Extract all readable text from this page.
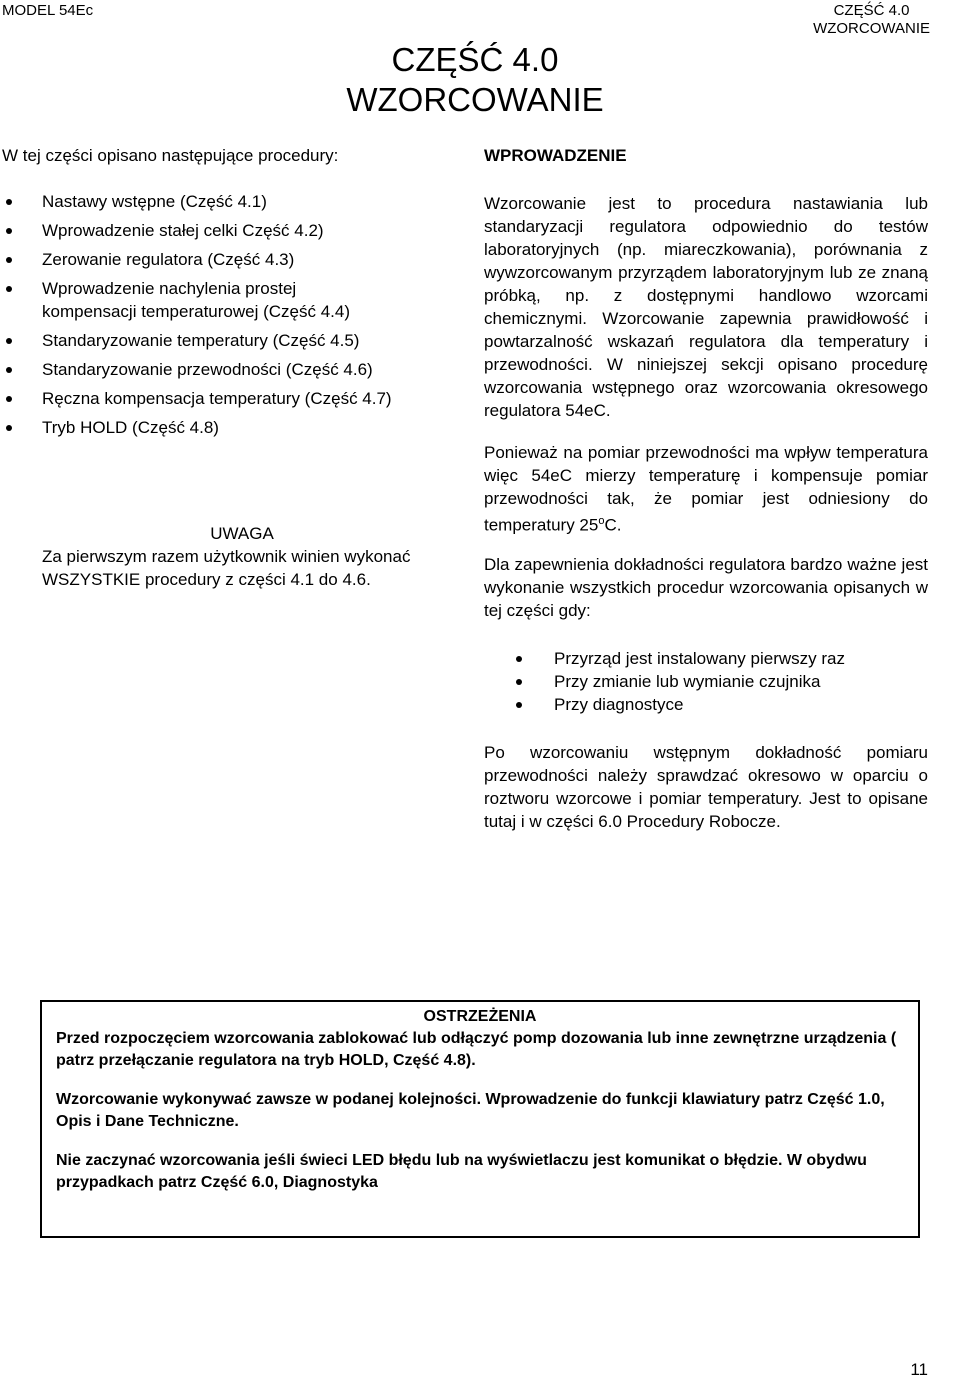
MODEL 54Ec	CZĘŚĆ 4.0
WZORCOWANIE
CZĘŚĆ 4.0
WZORCOWANIE
W tej części opisano następujące procedury:
Nastawy wstępne (Część 4.1)
Wprowadzenie stałej celki Część 4.2)
Zerowanie regulatora (Część 4.3)
Wprowadzenie nachylenia prostej kompensacji temperaturowej (Część 4.4)
Standaryzowanie temperatury (Część 4.5)
Standaryzowanie przewodności (Część 4.6)
Ręczna kompensacja temperatury (Część 4.7)
Tryb HOLD (Część 4.8)
UWAGA
Za pierwszym razem użytkownik winien wykonać WSZYSTKIE procedury z części 4.1 do 4.6.
WPROWADZENIE
Wzorcowanie jest to procedura nastawiania lub standaryzacji regulatora odpowiednio do testów laboratoryjnych (np. miareczkowania), porównania z wywzorcowanym przyrządem laboratoryjnym lub ze znaną próbką, np. z dostępnymi handlowo wzorcami chemicznymi. Wzorcowanie zapewnia prawidłowość i powtarzalność wskazań regulatora dla temperatury i przewodności. W niniejszej sekcji opisano procedurę wzorcowania wstępnego oraz wzorcowania okresowego regulatora 54eC.
Ponieważ na pomiar przewodności ma wpływ temperatura więc 54eC mierzy temperaturę i kompensuje pomiar przewodności tak, że pomiar jest odniesiony do temperatury 25$^o$C.
Dla zapewnienia dokładności regulatora bardzo ważne jest wykonanie wszystkich procedur wzorcowania opisanych w tej części gdy:
Przyrząd jest instalowany pierwszy raz
Przy zmianie lub wymianie czujnika
Przy diagnostyce
Po wzorcowaniu wstępnym dokładność pomiaru przewodności należy sprawdzać okresowo w oparciu o roztworu wzorcowe i pomiar temperatury. Jest to opisane tutaj i w części 6.0 Procedury Robocze.
OSTRZEŻENIA

Przed rozpoczęciem wzorcowania zablokować lub odłączyć pomp dozowania lub inne zewnętrzne urządzenia ( patrz przełączanie regulatora na tryb HOLD, Część 4.8).

Wzorcowanie wykonywać zawsze w podanej kolejności. Wprowadzenie do funkcji klawiatury patrz Część 1.0, Opis i Dane Techniczne.

Nie zaczynać wzorcowania jeśli świeci LED błędu lub na wyświetlaczu jest komunikat o błędzie. W obydwu przypadkach patrz Część 6.0, Diagnostyka

11
